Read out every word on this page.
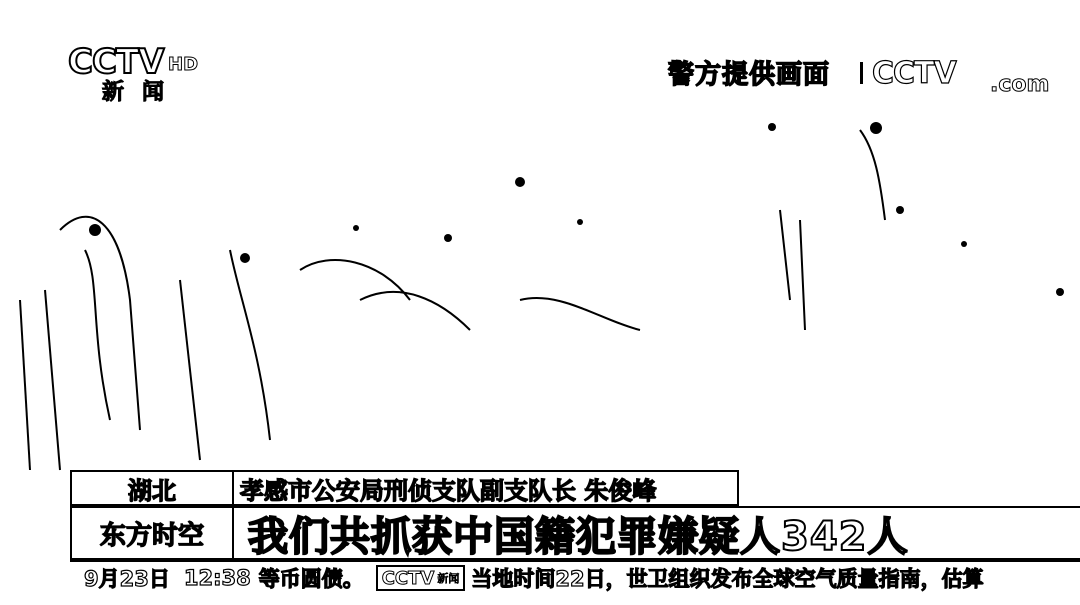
CCTV HD
新闻
警方提供画面 CCTV .com
湖北	孝感市公安局刑侦支队副支队长 朱俊峰
东方时空	我们共抓获中国籍犯罪嫌疑人342人
9月23日 12:38 等币圆债。 CCTV 新闻 当地时间22日，世卫组织发布全球空气质量指南，估算
